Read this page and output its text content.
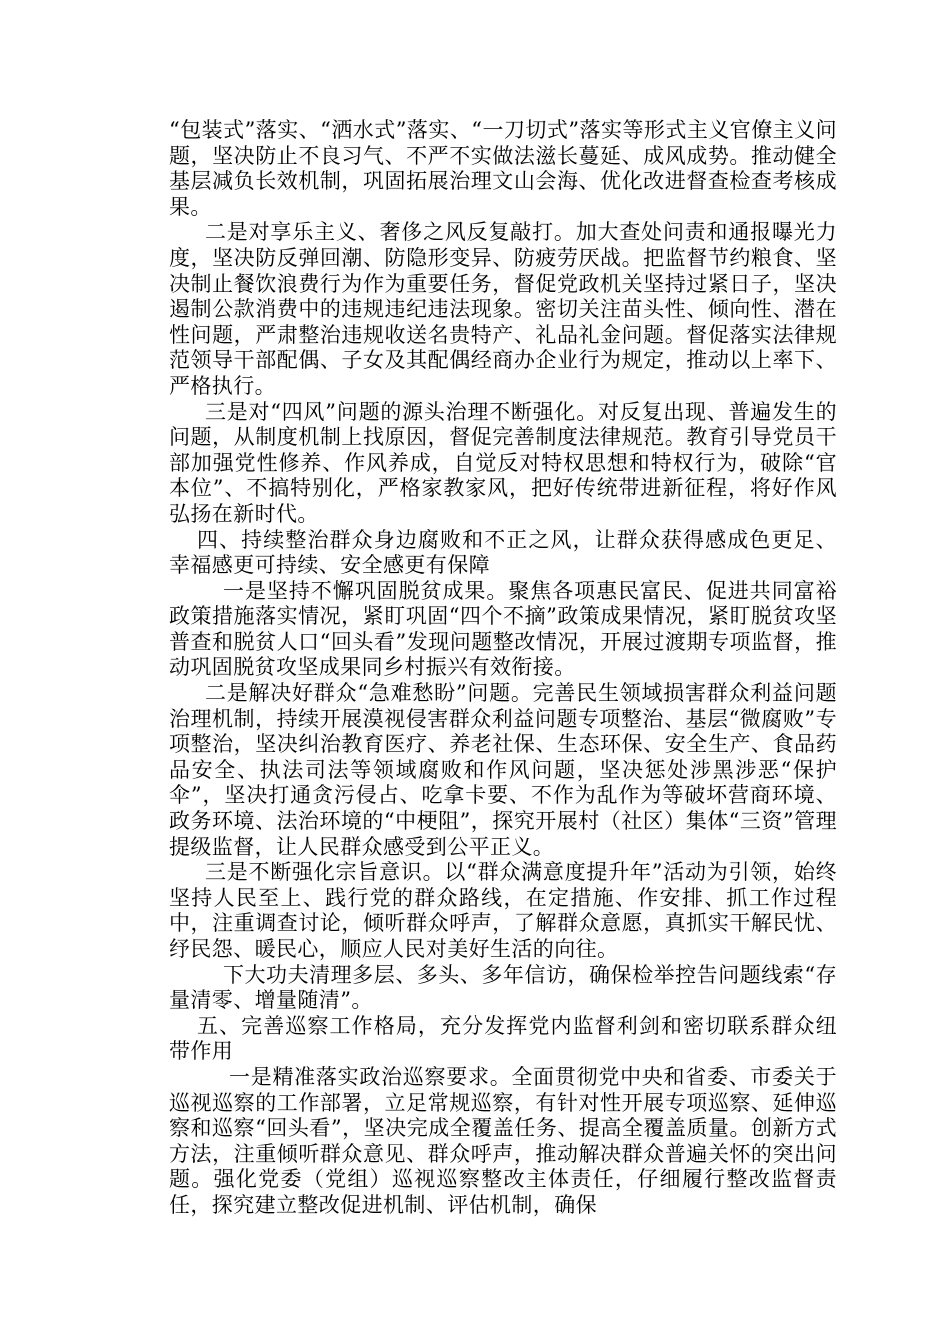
“包装式”落实、“洒水式”落实、“一刀切式”落实等形式主义官僚主义问题，坚决防止不良习气、不严不实做法滋长蔓延、成风成势。推动健全基层减负长效机制，巩固拓展治理文山会海、优化改进督查检查考核成果。

二是对享乐主义、奢侈之风反复敲打。加大查处问责和通报曝光力度，坚决防反弹回潮、防隐形变异、防疲劳厌战。把监督节约粮食、坚决制止餐饮浪费行为作为重要任务，督促党政机关坚持过紧日子，坚决遏制公款消费中的违规违纪违法现象。密切关注苗头性、倾向性、潜在性问题，严肃整治违规收送名贵特产、礼品礼金问题。督促落实法律规范领导干部配偶、子女及其配偶经商办企业行为规定，推动以上率下、严格执行。

三是对“四风”问题的源头治理不断强化。对反复出现、普遍发生的问题，从制度机制上找原因，督促完善制度法律规范。教育引导党员干部加强党性修养、作风养成，自觉反对特权思想和特权行为，破除“官本位”、不搞特别化，严格家教家风，把好传统带进新征程，将好作风弘扬在新时代。

四、持续整治群众身边腐败和不正之风，让群众获得感成色更足、幸福感更可持续、安全感更有保障

一是坚持不懈巩固脱贫成果。聚焦各项惠民富民、促进共同富裕政策措施落实情况，紧盯巩固“四个不摘”政策成果情况，紧盯脱贫攻坚普查和脱贫人口“回头看”发现问题整改情况，开展过渡期专项监督，推动巩固脱贫攻坚成果同乡村振兴有效衔接。

二是解决好群众“急难愁盼”问题。完善民生领域损害群众利益问题治理机制，持续开展漠视侵害群众利益问题专项整治、基层“微腐败”专项整治，坚决纠治教育医疗、养老社保、生态环保、安全生产、食品药品安全、执法司法等领域腐败和作风问题，坚决惩处涉黑涉恶“保护伞”，坚决打通贪污侵占、吃拿卡要、不作为乱作为等破坏营商环境、政务环境、法治环境的“中梗阻”，探究开展村（社区）集体“三资”管理提级监督，让人民群众感受到公平正义。

三是不断强化宗旨意识。以“群众满意度提升年”活动为引领，始终坚持人民至上、践行党的群众路线，在定措施、作安排、抓工作过程中，注重调查讨论，倾听群众呼声，了解群众意愿，真抓实干解民忧、纾民怨、暖民心，顺应人民对美好生活的向往。

下大功夫清理多层、多头、多年信访，确保检举控告问题线索“存 量清零、增量随清”。

五、完善巡察工作格局，充分发挥党内监督利剑和密切联系群众纽带作用

一是精准落实政治巡察要求。全面贯彻党中央和省委、市委关于巡视巡察的工作部署，立足常规巡察，有针对性开展专项巡察、延伸巡察和巡察“回头看”，坚决完成全覆盖任务、提高全覆盖质量。创新方式方法，注重倾听群众意见、群众呼声，推动解决群众普遍关怀的突出问题。强化党委（党组）巡视巡察整改主体责任，仔细履行整改监督责任，探究建立整改促进机制、评估机制，确保
